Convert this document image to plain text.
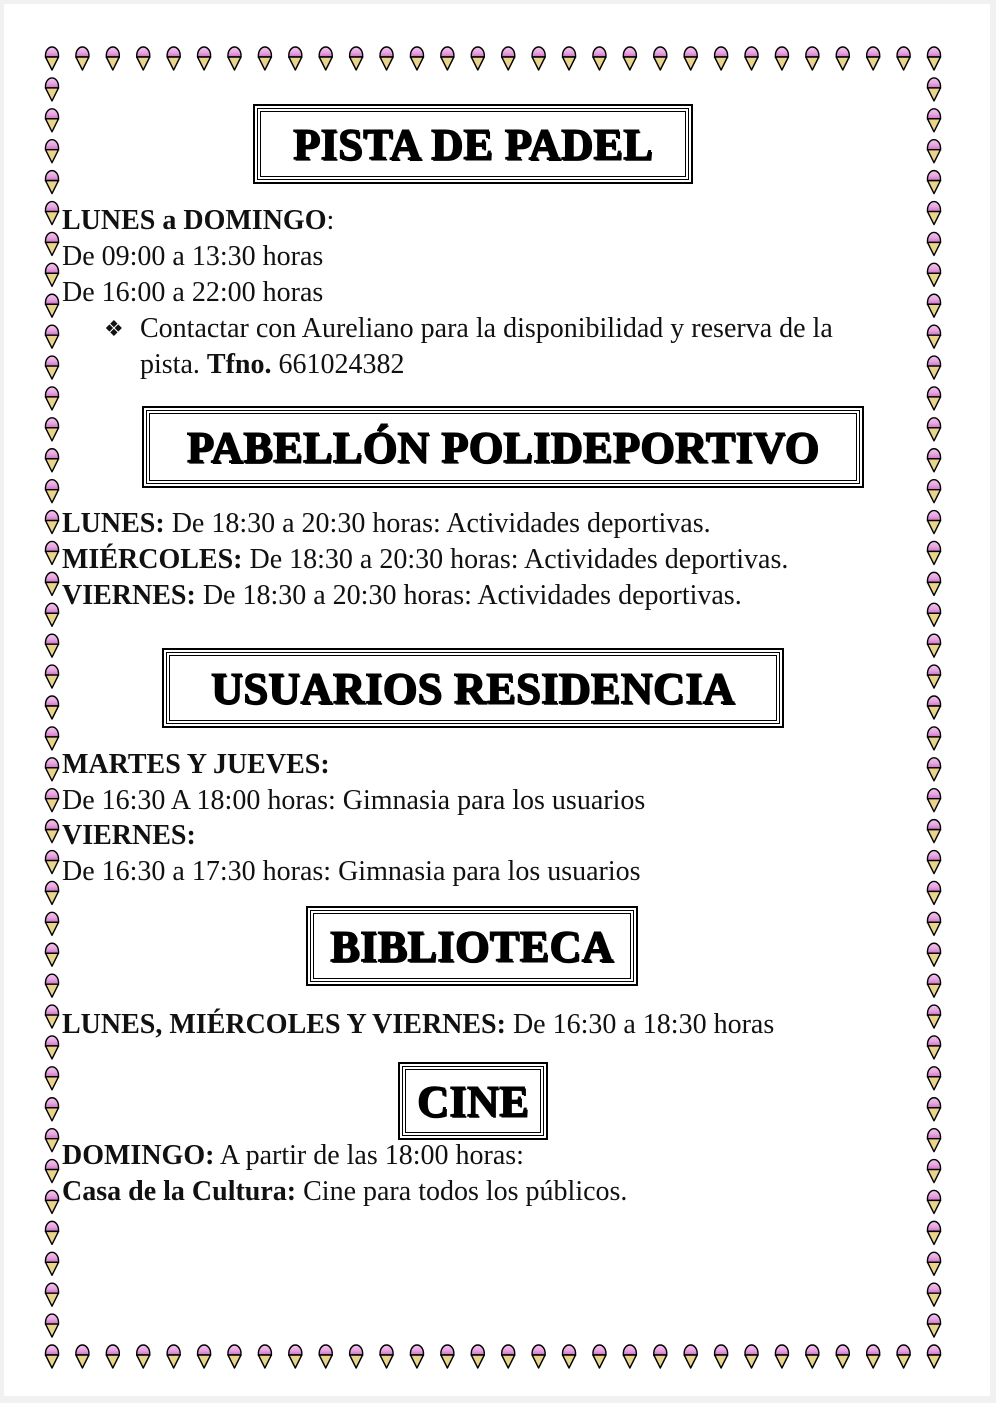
PISTA DE PADEL
LUNES a DOMINGO:
De 09:00 a 13:30 horas
De 16:00 a 22:00 horas
❖ Contactar con Aureliano para la disponibilidad y reserva de la
pista. Tfno. 661024382
PABELLÓN POLIDEPORTIVO
LUNES: De 18:30 a 20:30 horas: Actividades deportivas.
MIÉRCOLES: De 18:30 a 20:30 horas: Actividades deportivas.
VIERNES: De 18:30 a 20:30 horas: Actividades deportivas.
USUARIOS RESIDENCIA
MARTES Y JUEVES:
De 16:30 A 18:00 horas: Gimnasia para los usuarios
VIERNES:
De 16:30 a 17:30 horas: Gimnasia para los usuarios
BIBLIOTECA
LUNES, MIÉRCOLES Y VIERNES: De 16:30 a 18:30 horas
CINE
DOMINGO: A partir de las 18:00 horas:
Casa de la Cultura: Cine para todos los públicos.
